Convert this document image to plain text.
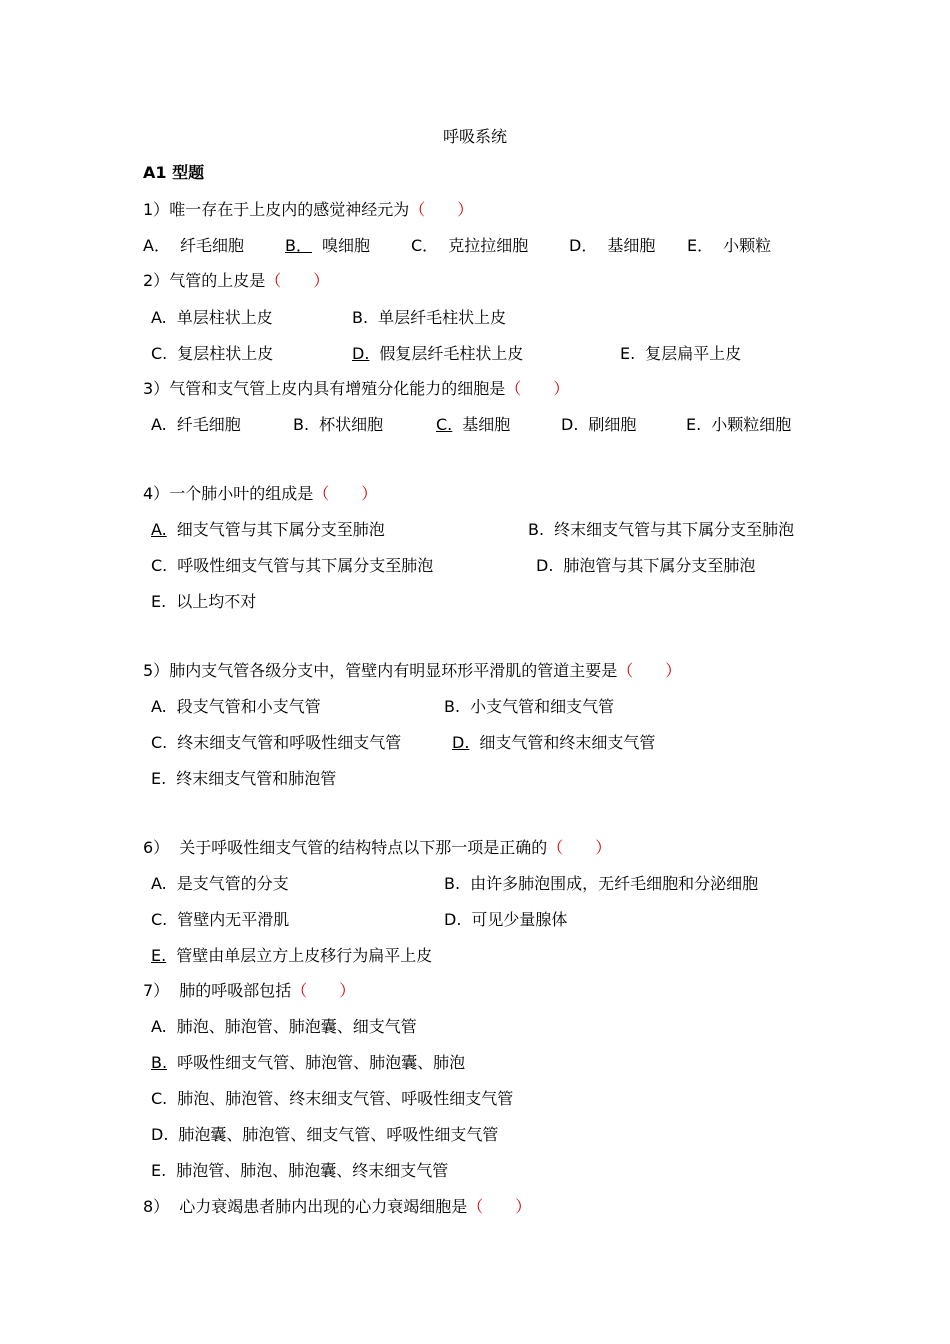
呼吸系统
A1 型题
1）唯一存在于上皮内的感觉神经元为（　　）
A． 纤毛细胞	B． 嗅细胞	C． 克拉拉细胞	D． 基细胞 E． 小颗粒
2）气管的上皮是（　　）
A. 单层柱状上皮	B. 单层纤毛柱状上皮
C. 复层柱状上皮	D. 假复层纤毛柱状上皮	E. 复层扁平上皮
3）气管和支气管上皮内具有增殖分化能力的细胞是（　　）
A. 纤毛细胞	B. 杯状细胞	C. 基细胞	D. 刷细胞	E. 小颗粒细胞
4）一个肺小叶的组成是（　　）
A. 细支气管与其下属分支至肺泡	B. 终末细支气管与其下属分支至肺泡
C. 呼吸性细支气管与其下属分支至肺泡	D. 肺泡管与其下属分支至肺泡
E. 以上均不对
5）肺内支气管各级分支中，管壁内有明显环形平滑肌的管道主要是（　　）
A. 段支气管和小支气管	B. 小支气管和细支气管
C. 终末细支气管和呼吸性细支气管	D. 细支气管和终末细支气管
E. 终末细支气管和肺泡管
6） 关于呼吸性细支气管的结构特点以下那一项是正确的（　　）
A. 是支气管的分支	B. 由许多肺泡围成，无纤毛细胞和分泌细胞
C. 管壁内无平滑肌	D. 可见少量腺体
E. 管壁由单层立方上皮移行为扁平上皮
7） 肺的呼吸部包括（　　）
A. 肺泡、肺泡管、肺泡囊、细支气管
B. 呼吸性细支气管、肺泡管、肺泡囊、肺泡
C. 肺泡、肺泡管、终末细支气管、呼吸性细支气管
D. 肺泡囊、肺泡管、细支气管、呼吸性细支气管
E. 肺泡管、肺泡、肺泡囊、终末细支气管
8） 心力衰竭患者肺内出现的心力衰竭细胞是（　　）
